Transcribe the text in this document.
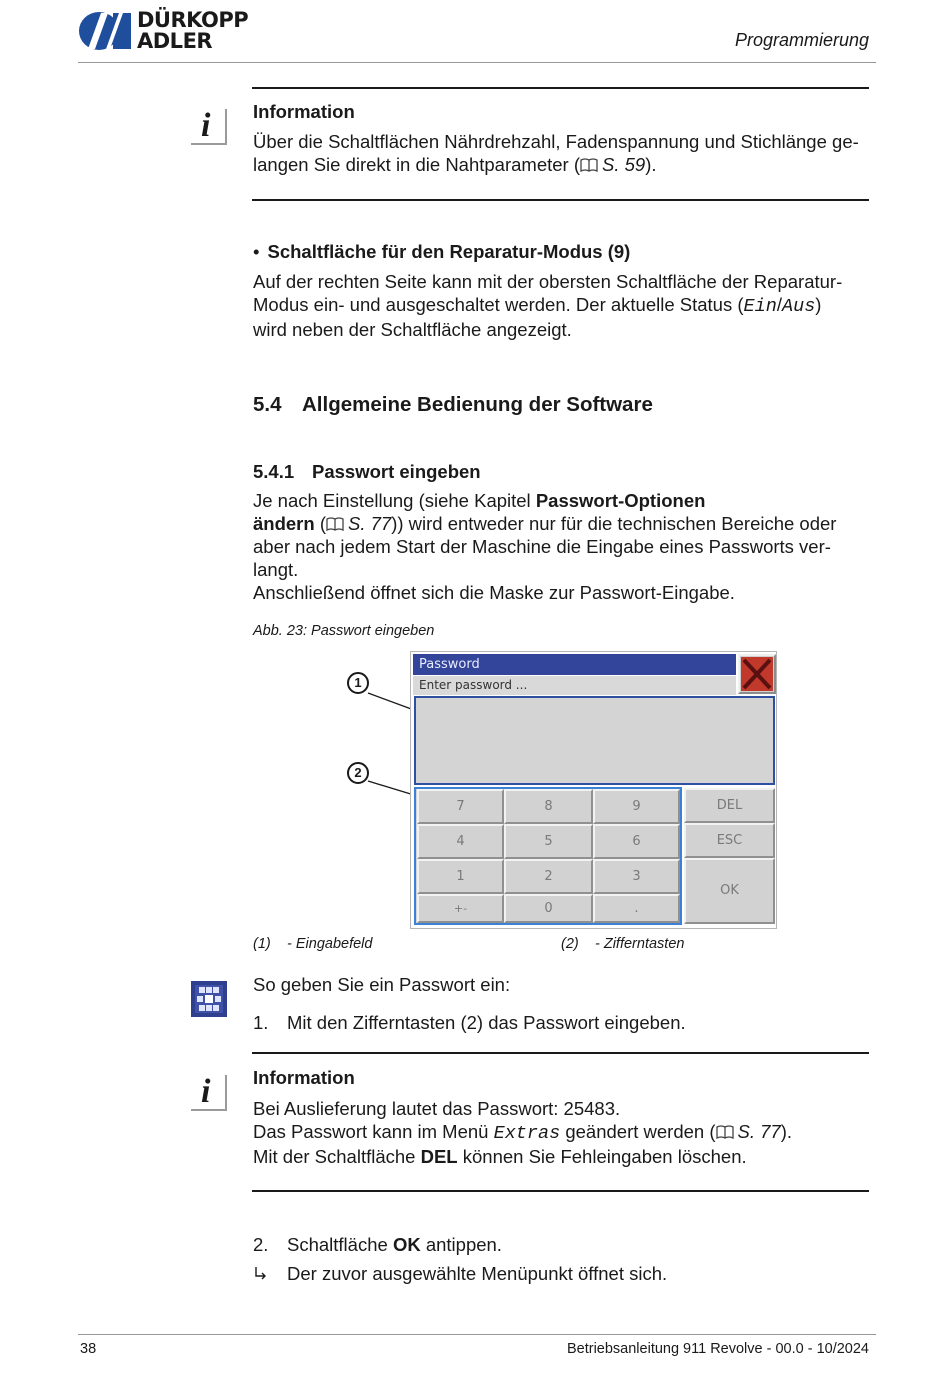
DÜRKOPP
ADLER	Programmierung
i Information
Über die Schaltflächen Nährdrehzahl, Fadenspannung und Stichlänge ge-
langen Sie direkt in die Nahtparameter ( S. 59).
• Schaltfläche für den Reparatur-Modus (9)
Auf der rechten Seite kann mit der obersten Schaltfläche der Reparatur-
Modus ein- und ausgeschaltet werden. Der aktuelle Status (Ein/Aus)
wird neben der Schaltfläche angezeigt.
5.4 Allgemeine Bedienung der Software
5.4.1 Passwort eingeben
Je nach Einstellung (siehe Kapitel Passwort-Optionen
ändern ( S. 77)) wird entweder nur für die technischen Bereiche oder
aber nach jedem Start der Maschine die Eingabe eines Passworts ver-
langt.
Anschließend öffnet sich die Maske zur Passwort-Eingabe.
Abb. 23: Passwort eingeben
1
2
Password
Enter password ...
7	8	9	DEL
4	5	6	ESC
1	2	3
OK
+-	0	.
(1) - Eingabefeld	(2) - Zifferntasten
So geben Sie ein Passwort ein:
1. Mit den Zifferntasten (2) das Passwort eingeben.
i Information
Bei Auslieferung lautet das Passwort: 25483.
Das Passwort kann im Menü Extras geändert werden ( S. 77).
Mit der Schaltfläche DEL können Sie Fehleingaben löschen.
2. Schaltfläche OK antippen.
Der zuvor ausgewählte Menüpunkt öffnet sich.
38	Betriebsanleitung 911 Revolve - 00.0 - 10/2024
